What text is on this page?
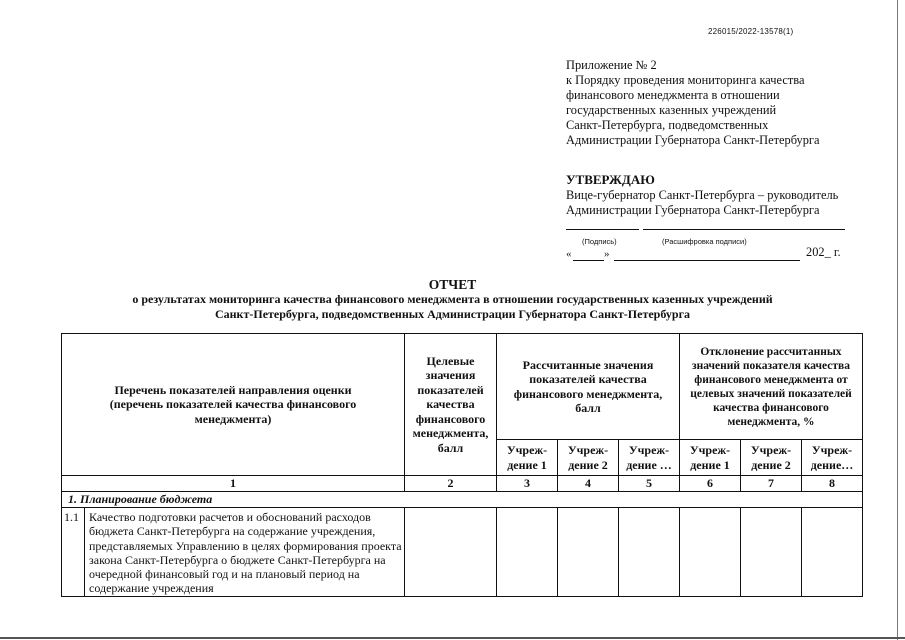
226015/2022-13578(1)
Приложение № 2
к Порядку проведения мониторинга качества
финансового менеджмента в отношении
государственных казенных учреждений
Санкт-Петербурга, подведомственных
Администрации Губернатора Санкт-Петербурга
УТВЕРЖДАЮ
Вице-губернатор Санкт-Петербурга – руководитель
Администрации Губернатора Санкт-Петербурга
(Подпись)	(Расшифровка подписи)
«	»	202_ г.
ОТЧЕТ
о результатах мониторинга качества финансового менеджмента в отношении государственных казенных учреждений
Санкт-Петербурга, подведомственных Администрации Губернатора Санкт-Петербурга
Перечень показателей направления оценки (перечень показателей качества финансового менеджмента)	Целевые значения показателей качества финансового менеджмента, балл	Рассчитанные значения показателей качества финансового менеджмента, балл			Отклонение рассчитанных значений показателя качества финансового менеджмента от целевых значений показателей качества финансового менеджмента, %		
		Учреж-дение 1	Учреж-дение 2	Учреж-дение …	Учреж-дение 1	Учреж-дение 2	Учреж-дение…
1	2	3	4	5	6	7	8
1. Планирование бюджета							

1.1 Качество подготовки расчетов и обоснований расходов бюджета Санкт-Петербурга на содержание учреждения, представляемых Управлению в целях формирования проекта закона Санкт-Петербурга о бюджете Санкт-Петербурга на очередной финансовый год и на плановый период на содержание учреждения							
